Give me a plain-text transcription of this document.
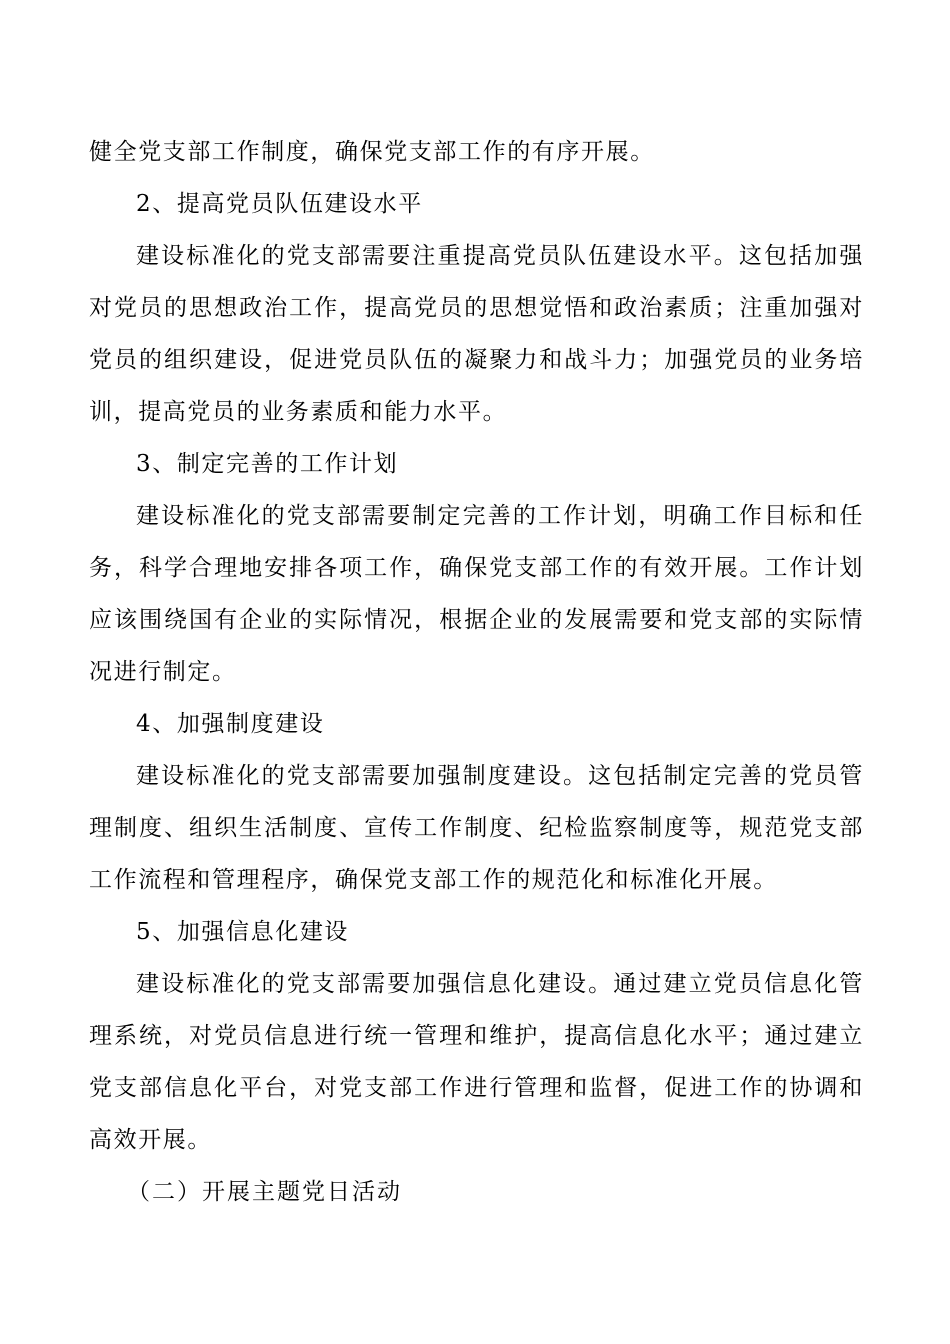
健全党支部工作制度，确保党支部工作的有序开展。

2、提高党员队伍建设水平

建设标准化的党支部需要注重提高党员队伍建设水平。这包括加强对党员的思想政治工作，提高党员的思想觉悟和政治素质；注重加强对党员的组织建设，促进党员队伍的凝聚力和战斗力；加强党员的业务培训，提高党员的业务素质和能力水平。

3、制定完善的工作计划

建设标准化的党支部需要制定完善的工作计划，明确工作目标和任务，科学合理地安排各项工作，确保党支部工作的有效开展。工作计划应该围绕国有企业的实际情况，根据企业的发展需要和党支部的实际情况进行制定。

4、加强制度建设

建设标准化的党支部需要加强制度建设。这包括制定完善的党员管理制度、组织生活制度、宣传工作制度、纪检监察制度等，规范党支部工作流程和管理程序，确保党支部工作的规范化和标准化开展。

5、加强信息化建设

建设标准化的党支部需要加强信息化建设。通过建立党员信息化管理系统，对党员信息进行统一管理和维护，提高信息化水平；通过建立党支部信息化平台，对党支部工作进行管理和监督，促进工作的协调和高效开展。

（二）开展主题党日活动
